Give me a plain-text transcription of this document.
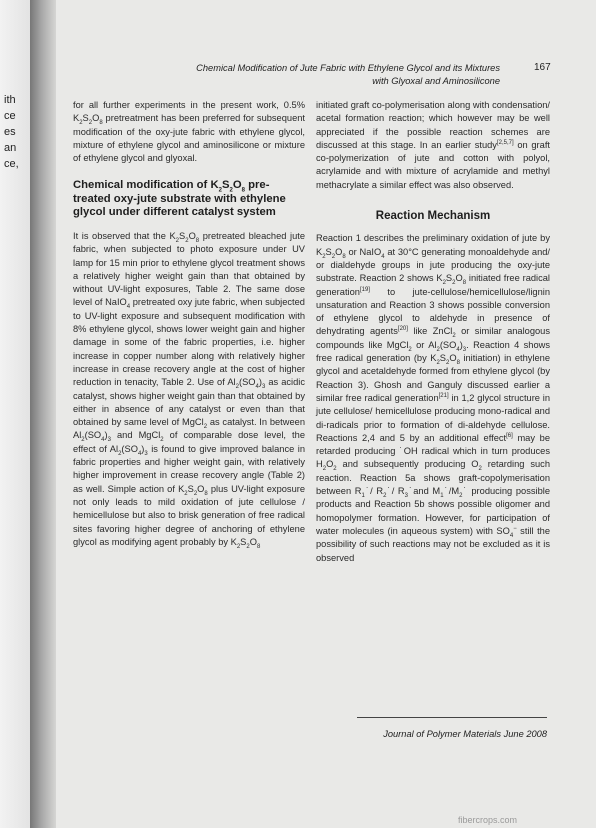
ith
ce
es
an
ce,
Chemical Modification of Jute Fabric with Ethylene Glycol and its Mixtures
with Glyoxal and Aminosilicone
167

for all further experiments in the present work, 0.5% $K_2S_2O_8$ pretreatment has been preferred for subsequent modification of the oxy-jute fabric with ethylene glycol, mixture of ethylene glycol and aminosilicone or mixture of ethylene glycol and glyoxal.

Chemical modification of $K_2S_2O_8$ pre-treated oxy-jute substrate with ethylene glycol under different catalyst system

It is observed that the $K_2S_2O_8$ pretreated bleached jute fabric, when subjected to photo exposure under UV lamp for 15 min prior to ethylene glycol treatment shows a relatively higher weight gain than that obtained by without UV-light exposures, Table 2. The same dose level of NaIO$_4$ pretreated oxy jute fabric, when subjected to UV-light exposure and subsequent modification with 8% ethylene glycol, shows lower weight gain and higher damage in some of the fabric properties, i.e. higher increase in copper number along with relatively higher increase in crease recovery angle at the cost of higher reduction in tenacity, Table 2. Use of $Al_2(SO_4)_3$ as acidic catalyst, shows higher weight gain than that obtained by either in absence of any catalyst or even than that obtained by same level of MgCl$_2$ as catalyst. In between $Al_2(SO_4)_3$ and MgCl$_2$ of comparable dose level, the effect of $Al_2(SO_4)_3$ is found to give improved balance in fabric properties and higher weight gain, with relatively higher improvement in crease recovery angle (Table 2) as well. Simple action of $K_2S_2O_8$ plus UV-light exposure not only leads to mild oxidation of jute cellulose / hemicellulose but also to brisk generation of free radical sites favoring higher degree of anchoring of ethylene glycol as modifying agent probably by $K_2S_2O_8$

initiated graft co-polymerisation along with condensation/ acetal formation reaction; which however may be well appreciated if the possible reaction schemes are discussed at this stage. In an earlier study[2,5,7] on graft co-polymerization of jute and cotton with polyol, acrylamide and with mixture of acrylamide and methyl methacrylate a similar effect was also observed.

Reaction Mechanism

Reaction 1 describes the preliminary oxidation of jute by $K_2S_2O_8$ or NaIO$_4$ at 30°C generating monoaldehyde and/ or dialdehyde groups in jute producing the oxy-jute substrate. Reaction 2 shows $K_2S_2O_8$ initiated free radical generation[19] to jute-cellulose/hemicellulose/lignin unsaturation and Reaction 3 shows possible conversion of ethylene glycol to aldehyde in presence of dehydrating agents[20] like ZnCl$_2$ or similar analogous compounds like MgCl$_2$ or $Al_2(SO_4)_3$. Reaction 4 shows free radical generation (by $K_2S_2O_8$ initiation) in ethylene glycol and acetaldehyde formed from ethylene glycol (by Reaction 3). Ghosh and Ganguly discussed earlier a similar free radical generation[21] in 1,2 glycol structure in jute cellulose/ hemicellulose producing mono-radical and di-radicals prior to formation of di-aldehyde cellulose. Reactions 2,4 and 5 by an additional effect[6] may be retarded producing ˙OH radical which in turn produces $H_2O_2$ and subsequently producing $O_2$ retarding such reaction. Reaction 5a shows graft-copolymerisation between $R_1˙/$ $R_2˙/$ $R_3˙and$ $M_1˙/M_2˙$ producing possible products and Reaction 5b shows possible oligomer and homopolymer formation. However, for participation of water molecules (in aqueous system) with $SO_4^-$ still the possibility of such reactions may not be excluded as it is observed

Journal of Polymer Materials June 2008
fibercrops.com
